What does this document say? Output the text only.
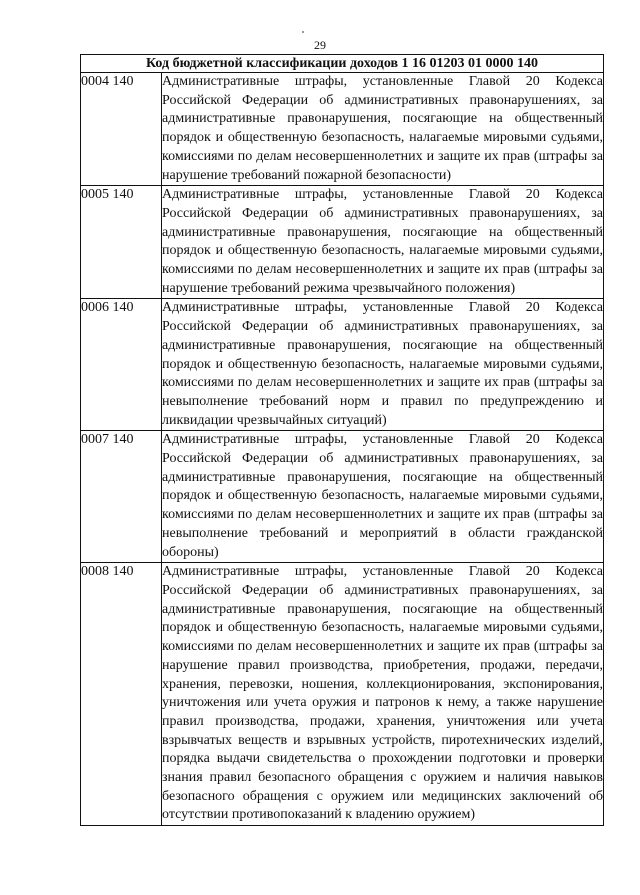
29
Код бюджетной классификации доходов 1 16 01203 01 0000 140	
0004 140	Административные штрафы, установленные Главой 20 Кодекса Российской Федерации об административных правонарушениях, за административные правонарушения, посягающие на общественный порядок и общественную безопасность, налагаемые мировыми судьями, комиссиями по делам несовершеннолетних и защите их прав (штрафы за нарушение требований пожарной безопасности)
0005 140	Административные штрафы, установленные Главой 20 Кодекса Российской Федерации об административных правонарушениях, за административные правонарушения, посягающие на общественный порядок и общественную безопасность, налагаемые мировыми судьями, комиссиями по делам несовершеннолетних и защите их прав (штрафы за нарушение требований режима чрезвычайного положения)
0006 140	Административные штрафы, установленные Главой 20 Кодекса Российской Федерации об административных правонарушениях, за административные правонарушения, посягающие на общественный порядок и общественную безопасность, налагаемые мировыми судьями, комиссиями по делам несовершеннолетних и защите их прав (штрафы за невыполнение требований норм и правил по предупреждению и ликвидации чрезвычайных ситуаций)
0007 140	Административные штрафы, установленные Главой 20 Кодекса Российской Федерации об административных правонарушениях, за административные правонарушения, посягающие на общественный порядок и общественную безопасность, налагаемые мировыми судьями, комиссиями по делам несовершеннолетних и защите их прав (штрафы за невыполнение требований и мероприятий в области гражданской обороны)
0008 140	Административные штрафы, установленные Главой 20 Кодекса Российской Федерации об административных правонарушениях, за административные правонарушения, посягающие на общественный порядок и общественную безопасность, налагаемые мировыми судьями, комиссиями по делам несовершеннолетних и защите их прав (штрафы за нарушение правил производства, приобретения, продажи, передачи, хранения, перевозки, ношения, коллекционирования, экспонирования, уничтожения или учета оружия и патронов к нему, а также нарушение правил производства, продажи, хранения, уничтожения или учета взрывчатых веществ и взрывных устройств, пиротехнических изделий, порядка выдачи свидетельства о прохождении подготовки и проверки знания правил безопасного обращения с оружием и наличия навыков безопасного обращения с оружием или медицинских заключений об отсутствии противопоказаний к владению оружием)
